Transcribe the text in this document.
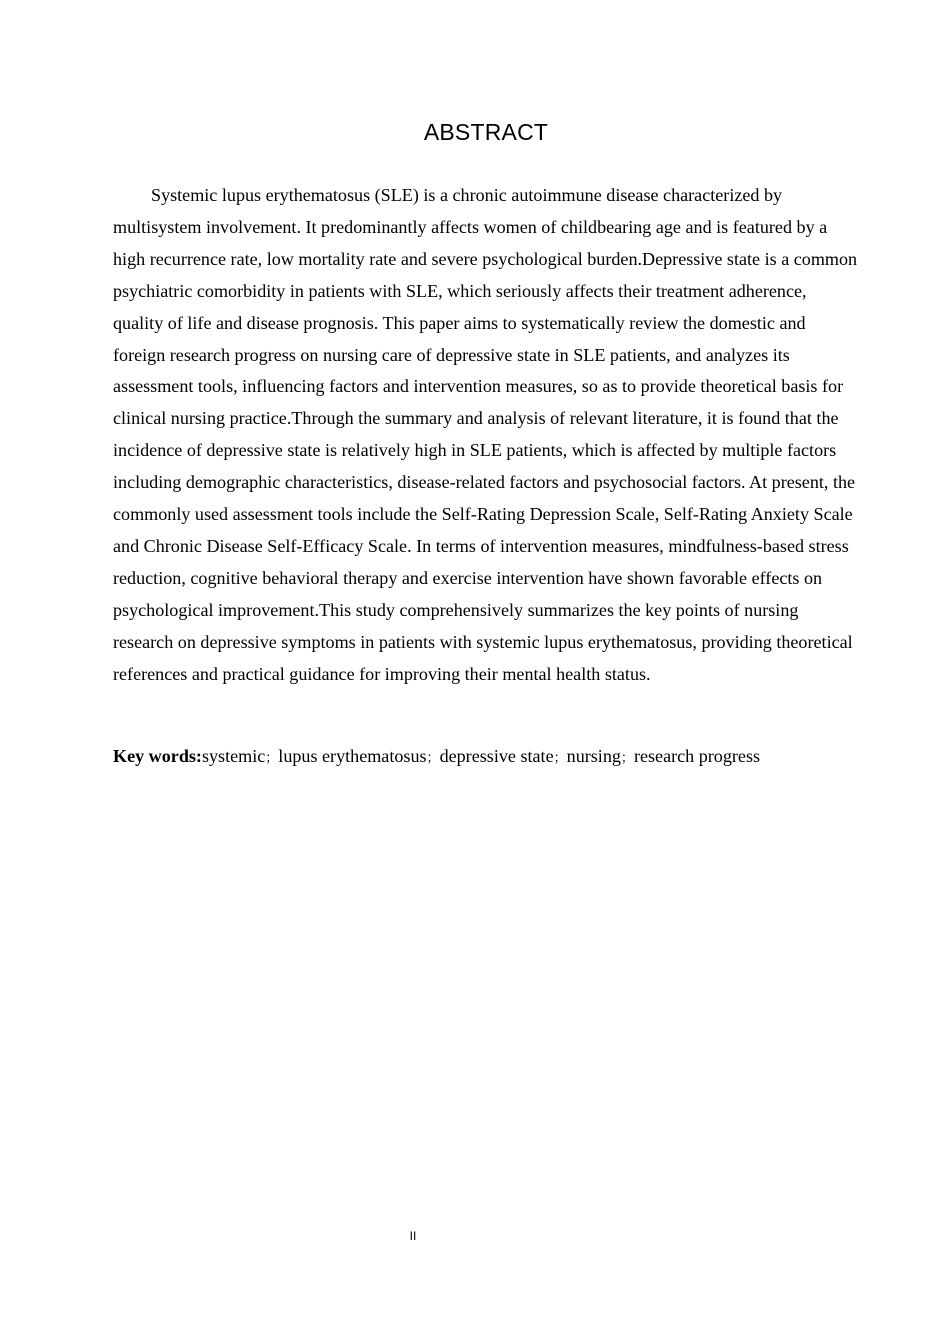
ABSTRACT

Systemic lupus erythematosus (SLE) is a chronic autoimmune disease characterized by multisystem involvement. It predominantly affects women of childbearing age and is featured by a high recurrence rate, low mortality rate and severe psychological burden.Depressive state is a common psychiatric comorbidity in patients with SLE, which seriously affects their treatment adherence, quality of life and disease prognosis. This paper aims to systematically review the domestic and foreign research progress on nursing care of depressive state in SLE patients, and analyzes its assessment tools, influencing factors and intervention measures, so as to provide theoretical basis for clinical nursing practice.Through the summary and analysis of relevant literature, it is found that the incidence of depressive state is relatively high in SLE patients, which is affected by multiple factors including demographic characteristics, disease-related factors and psychosocial factors. At present, the commonly used assessment tools include the Self-Rating Depression Scale, Self-Rating Anxiety Scale and Chronic Disease Self-Efficacy Scale. In terms of intervention measures, mindfulness-based stress reduction, cognitive behavioral therapy and exercise intervention have shown favorable effects on psychological improvement.This study comprehensively summarizes the key points of nursing research on depressive symptoms in patients with systemic lupus erythematosus, providing theoretical references and practical guidance for improving their mental health status.

Key words:systemic；lupus erythematosus；depressive state；nursing；research progress

II
